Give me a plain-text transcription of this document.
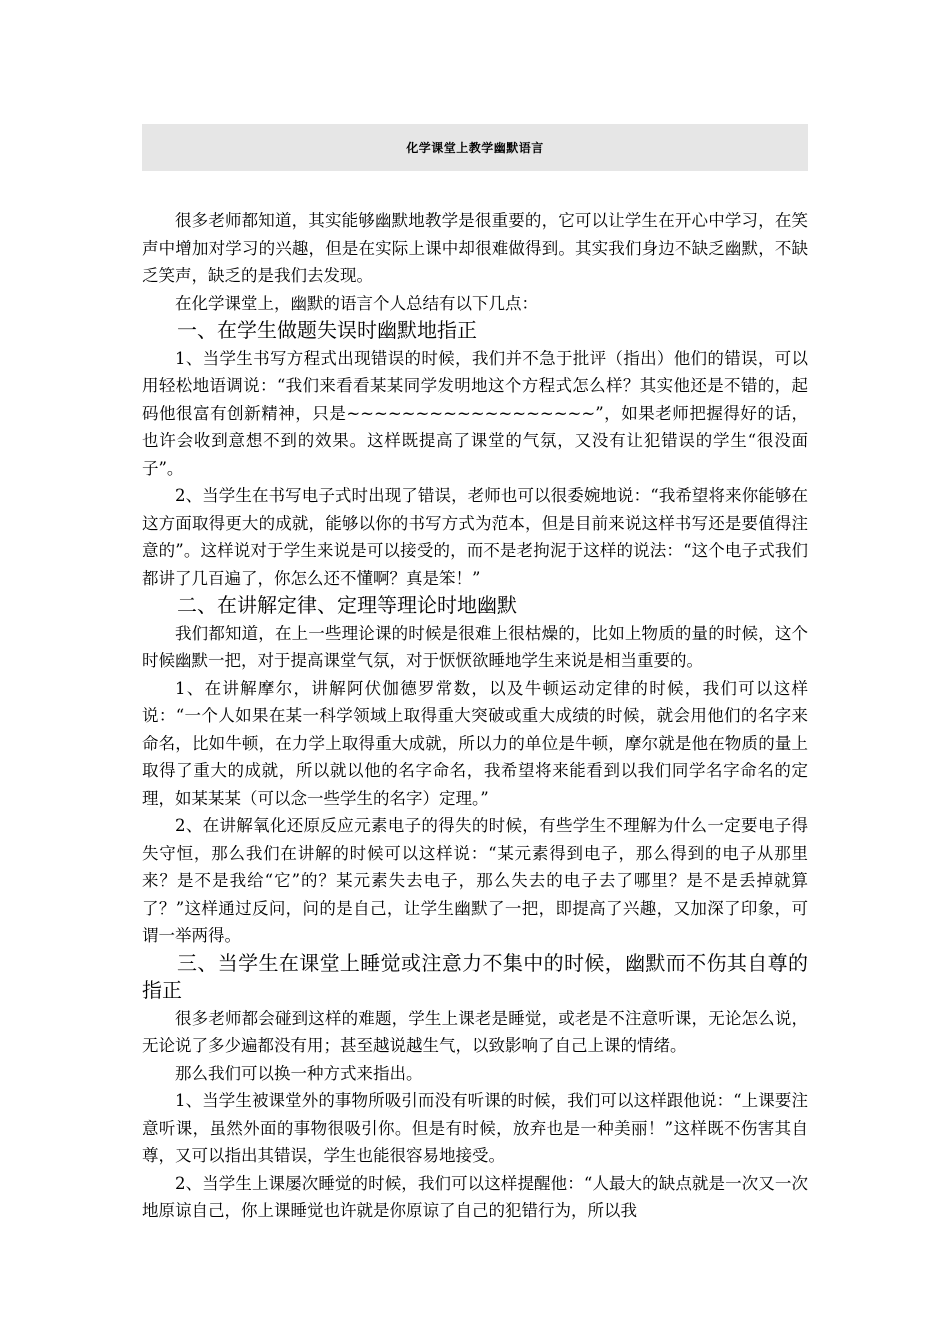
化学课堂上教学幽默语言

很多老师都知道，其实能够幽默地教学是很重要的，它可以让学生在开心中学习，在笑声中增加对学习的兴趣，但是在实际上课中却很难做得到。其实我们身边不缺乏幽默，不缺乏笑声，缺乏的是我们去发现。

在化学课堂上，幽默的语言个人总结有以下几点：

一、在学生做题失误时幽默地指正

1、当学生书写方程式出现错误的时候，我们并不急于批评（指出）他们的错误，可以用轻松地语调说：“我们来看看某某同学发明地这个方程式怎么样？其实他还是不错的，起码他很富有创新精神，只是~~~~~~~~~~~~~~~~~~”，如果老师把握得好的话，也许会收到意想不到的效果。这样既提高了课堂的气氛，又没有让犯错误的学生“很没面子”。

2、当学生在书写电子式时出现了错误，老师也可以很委婉地说：“我希望将来你能够在这方面取得更大的成就，能够以你的书写方式为范本，但是目前来说这样书写还是要值得注意的”。这样说对于学生来说是可以接受的，而不是老拘泥于这样的说法：“这个电子式我们都讲了几百遍了，你怎么还不懂啊？真是笨！”

二、在讲解定律、定理等理论时地幽默

我们都知道，在上一些理论课的时候是很难上很枯燥的，比如上物质的量的时候，这个时候幽默一把，对于提高课堂气氛，对于恹恹欲睡地学生来说是相当重要的。

1、在讲解摩尔，讲解阿伏伽德罗常数，以及牛顿运动定律的时候，我们可以这样说：“一个人如果在某一科学领域上取得重大突破或重大成绩的时候，就会用他们的名字来命名，比如牛顿，在力学上取得重大成就，所以力的单位是牛顿，摩尔就是他在物质的量上取得了重大的成就，所以就以他的名字命名，我希望将来能看到以我们同学名字命名的定理，如某某某（可以念一些学生的名字）定理。”

2、在讲解氧化还原反应元素电子的得失的时候，有些学生不理解为什么一定要电子得失守恒，那么我们在讲解的时候可以这样说：“某元素得到电子，那么得到的电子从那里来？是不是我给“它”的？某元素失去电子，那么失去的电子去了哪里？是不是丢掉就算了？”这样通过反问，问的是自己，让学生幽默了一把，即提高了兴趣，又加深了印象，可谓一举两得。

三、当学生在课堂上睡觉或注意力不集中的时候，幽默而不伤其自尊的指正

很多老师都会碰到这样的难题，学生上课老是睡觉，或老是不注意听课，无论怎么说，无论说了多少遍都没有用；甚至越说越生气，以致影响了自己上课的情绪。

那么我们可以换一种方式来指出。

1、当学生被课堂外的事物所吸引而没有听课的时候，我们可以这样跟他说：“上课要注意听课，虽然外面的事物很吸引你。但是有时候，放弃也是一种美丽！”这样既不伤害其自尊，又可以指出其错误，学生也能很容易地接受。

2、当学生上课屡次睡觉的时候，我们可以这样提醒他：“人最大的缺点就是一次又一次地原谅自己，你上课睡觉也许就是你原谅了自己的犯错行为，所以我
